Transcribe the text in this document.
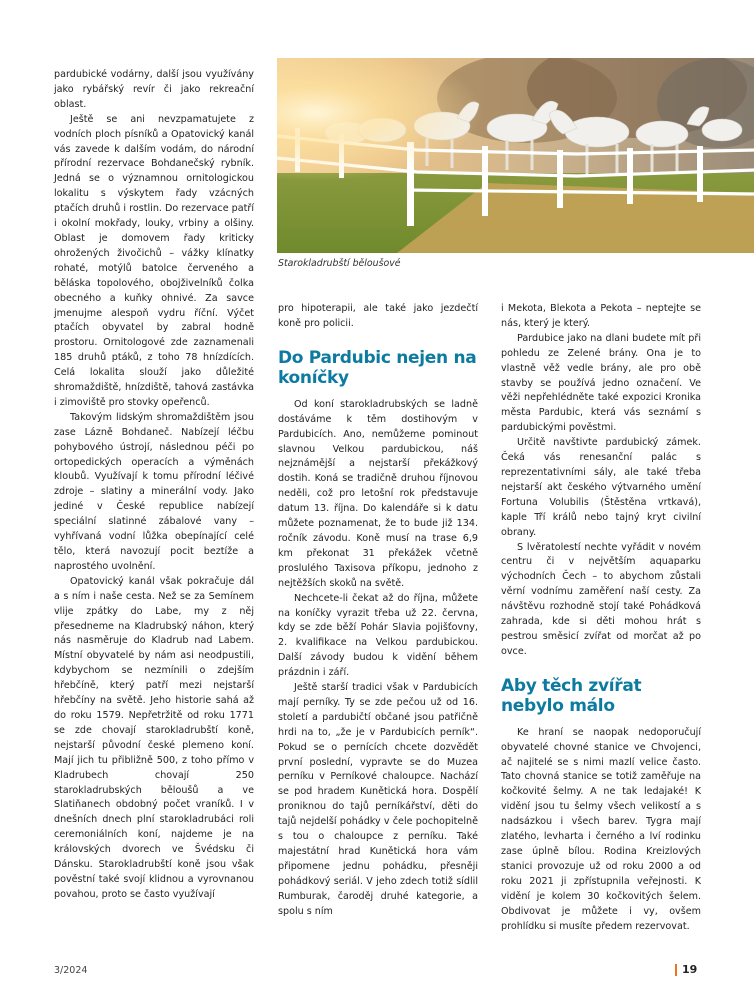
Starokladrubští běloušové

pardubické vodárny, další jsou využívány jako rybářský revír či jako rekreační oblast.

Ještě se ani nevzpamatujete z vodních ploch písníků a Opatovický kanál vás zavede k dalším vodám, do národní přírodní rezervace Bohdanečský rybník. Jedná se o významnou ornitologickou lokalitu s výskytem řady vzácných ptačích druhů i rostlin. Do rezervace patří i okolní mokřady, louky, vrbiny a olšiny. Oblast je domovem řady kriticky ohrožených živočichů – vážky klínatky rohaté, motýlů batolce červeného a běláska topolového, obojživelníků čolka obecného a kuňky ohnivé. Za savce jmenujme alespoň vydru říční. Výčet ptačích obyvatel by zabral hodně prostoru. Ornitologové zde zaznamenali 185 druhů ptáků, z toho 78 hnízdících. Celá lokalita slouží jako důležité shromaždiště, hnízdiště, tahová zastávka i zimoviště pro stovky opeřenců.

Takovým lidským shromaždištěm jsou zase Lázně Bohdaneč. Nabízejí léčbu pohybového ústrojí, následnou péči po ortopedických operacích a výměnách kloubů. Využívají k tomu přírodní léčivé zdroje – slatiny a minerální vody. Jako jediné v České republice nabízejí speciální slatinné zábalové vany – vyhřívaná vodní lůžka obepínající celé tělo, která navozují pocit beztíže a naprostého uvolnění.

Opatovický kanál však pokračuje dál a s ním i naše cesta. Než se za Semínem vlije zpátky do Labe, my z něj přesedneme na Kladrubský náhon, který nás nasměruje do Kladrub nad Labem. Místní obyvatelé by nám asi neodpustili, kdybychom se nezmínili o zdejším hřebčíně, který patří mezi nejstarší hřebčíny na světě. Jeho historie sahá až do roku 1579. Nepřetržitě od roku 1771 se zde chovají starokladrubští koně, nejstarší původní české plemeno koní. Mají jich tu přibližně 500, z toho přímo v Kladrubech chovají 250 starokladrubských běloušů a ve Slatiňanech obdobný počet vraníků. I v dnešních dnech plní starokladrubáci roli ceremoniálních koní, najdeme je na královských dvorech ve Švédsku či Dánsku. Starokladrubští koně jsou však pověstní také svojí klidnou a vyrovnanou povahou, proto se často využívají

pro hipoterapii, ale také jako jezdečtí koně pro policii.

Do Pardubic nejen na koníčky

Od koní starokladrubských se ladně dostáváme k těm dostihovým v Pardubicích. Ano, nemůžeme pominout slavnou Velkou pardubickou, náš nejznámější a nejstarší překážkový dostih. Koná se tradičně druhou říjnovou neděli, což pro letošní rok představuje datum 13. října. Do kalendáře si k datu můžete poznamenat, že to bude již 134. ročník závodu. Koně musí na trase 6,9 km překonat 31 překážek včetně proslulého Taxisova příkopu, jednoho z nejtěžších skoků na světě.

Nechcete-li čekat až do října, můžete na koníčky vyrazit třeba už 22. června, kdy se zde běží Pohár Slavia pojišťovny, 2. kvalifikace na Velkou pardubickou. Další závody budou k vidění během prázdnin i září.

Ještě starší tradici však v Pardubicích mají perníky. Ty se zde pečou už od 16. století a pardubičtí občané jsou patřičně hrdi na to, „že je v Pardubicích perník“. Pokud se o pernících chcete dozvědět první poslední, vypravte se do Muzea perníku v Perníkové chaloupce. Nachází se pod hradem Kunětická hora. Dospělí proniknou do tajů perníkářství, děti do tajů nejdelší pohádky v čele pochopitelně s tou o chaloupce z perníku. Také majestátní hrad Kunětická hora vám připomene jednu pohádku, přesněji pohádkový seriál. V jeho zdech totiž sídlil Rumburak, čaroděj druhé kategorie, a spolu s ním

i Mekota, Blekota a Pekota – neptejte se nás, který je který.

Pardubice jako na dlani budete mít při pohledu ze Zelené brány. Ona je to vlastně věž vedle brány, ale pro obě stavby se používá jedno označení. Ve věži nepřehlédněte také expozici Kronika města Pardubic, která vás seznámí s pardubickými pověstmi.

Určitě navštivte pardubický zámek. Čeká vás renesanční palác s reprezentativními sály, ale také třeba nejstarší akt českého výtvarného umění Fortuna Volubilis (Štěstěna vrtkavá), kaple Tří králů nebo tajný kryt civilní obrany.

S lvěratolestí nechte vyřádit v novém centru či v největším aquaparku východních Čech – to abychom zůstali věrní vodnímu zaměření naší cesty. Za návštěvu rozhodně stojí také Pohádková zahrada, kde si děti mohou hrát s pestrou směsicí zvířat od morčat až po ovce.

Aby těch zvířat nebylo málo

Ke hraní se naopak nedoporučují obyvatelé chovné stanice ve Chvojenci, ač najitelé se s nimi mazlí velice často. Tato chovná stanice se totiž zaměřuje na kočkovité šelmy. A ne tak ledajaké! K vidění jsou tu šelmy všech velikostí a s nadsázkou i všech barev. Tygra mají zlatého, levharta i černého a lví rodinku zase úplně bílou. Rodina Kreizlových stanici provozuje už od roku 2000 a od roku 2021 ji zpřístupnila veřejnosti. K vidění je kolem 30 kočkovitých šelem. Obdivovat je můžete i vy, ovšem prohlídku si musíte předem rezervovat.

3/2024	19
